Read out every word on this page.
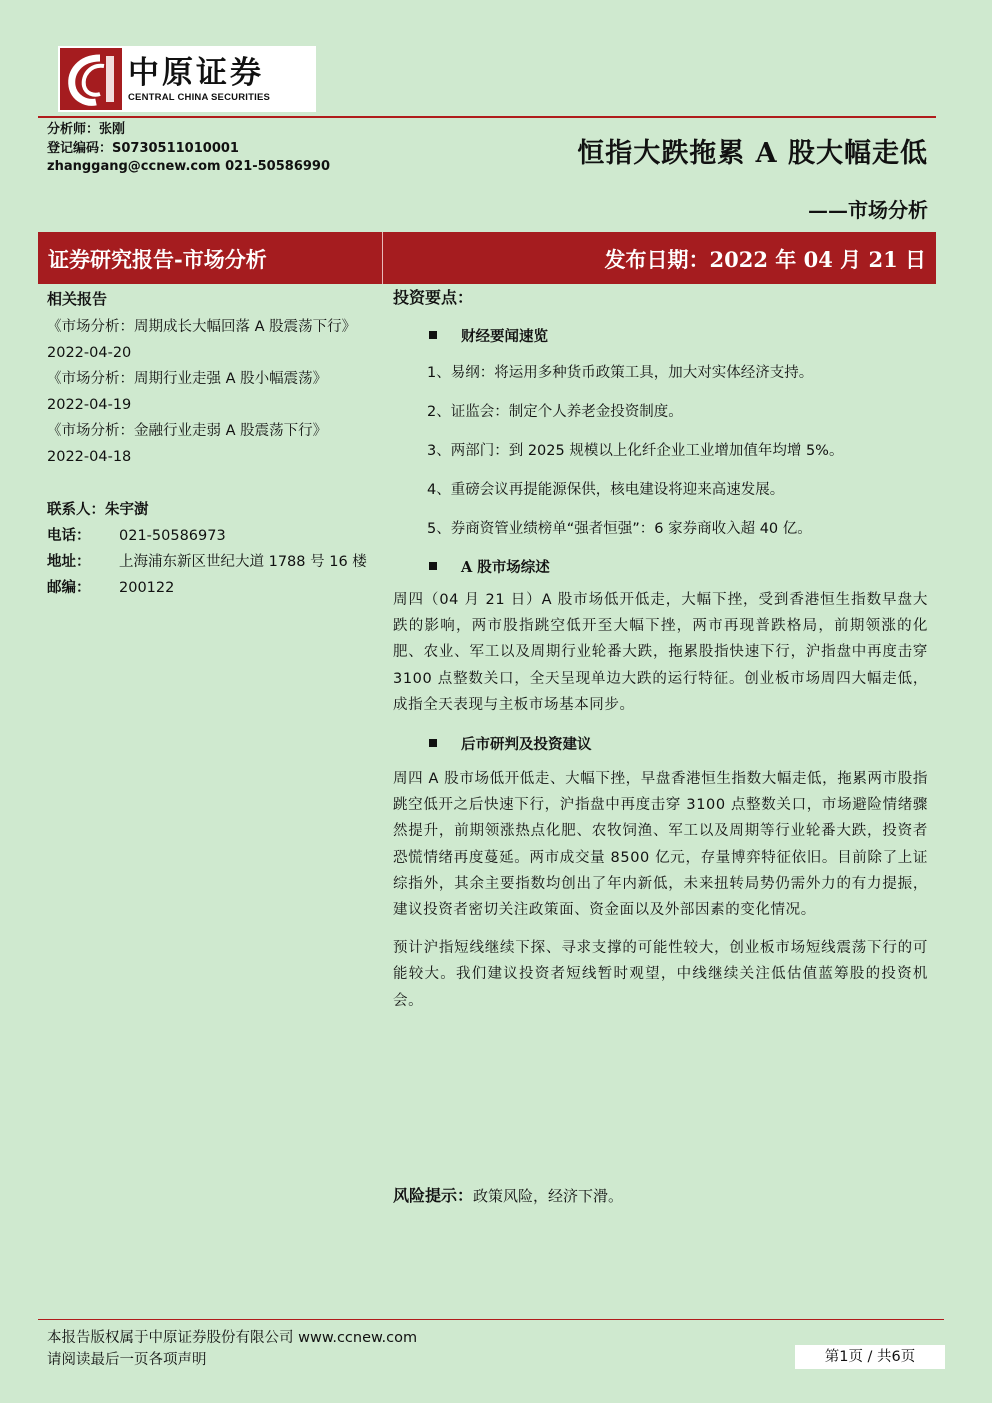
中原证券
CENTRAL CHINA SECURITIES
分析师：张刚
登记编码：S0730511010001
zhanggang@ccnew.com 021-50586990	恒指大跌拖累 A 股大幅走低
——市场分析
证券研究报告-市场分析	发布日期：2022 年 04 月 21 日
相关报告
《市场分析：周期成长大幅回落 A 股震荡下行》 2022-04-20
《市场分析：周期行业走强 A 股小幅震荡》 2022-04-19
《市场分析：金融行业走弱 A 股震荡下行》 2022-04-18
联系人：朱宇澍
电话： 021-50586973
地址： 上海浦东新区世纪大道 1788 号 16 楼
邮编： 200122
投资要点：
财经要闻速览
1、易纲：将运用多种货币政策工具，加大对实体经济支持。
2、证监会：制定个人养老金投资制度。
3、两部门：到 2025 规模以上化纤企业工业增加值年均增 5%。
4、重磅会议再提能源保供，核电建设将迎来高速发展。
5、券商资管业绩榜单“强者恒强”：6 家券商收入超 40 亿。
A 股市场综述

周四（04 月 21 日）A 股市场低开低走，大幅下挫，受到香港恒生指数早盘大跌的影响，两市股指跳空低开至大幅下挫，两市再现普跌格局，前期领涨的化肥、农业、军工以及周期行业轮番大跌，拖累股指快速下行，沪指盘中再度击穿 3100 点整数关口，全天呈现单边大跌的运行特征。创业板市场周四大幅走低，成指全天表现与主板市场基本同步。

后市研判及投资建议

周四 A 股市场低开低走、大幅下挫，早盘香港恒生指数大幅走低，拖累两市股指跳空低开之后快速下行，沪指盘中再度击穿 3100 点整数关口，市场避险情绪骤然提升，前期领涨热点化肥、农牧饲渔、军工以及周期等行业轮番大跌，投资者恐慌情绪再度蔓延。两市成交量 8500 亿元，存量博弈特征依旧。目前除了上证综指外，其余主要指数均创出了年内新低，未来扭转局势仍需外力的有力提振，建议投资者密切关注政策面、资金面以及外部因素的变化情况。

预计沪指短线继续下探、寻求支撑的可能性较大，创业板市场短线震荡下行的可能较大。我们建议投资者短线暂时观望，中线继续关注低估值蓝筹股的投资机会。

风险提示：政策风险，经济下滑。
本报告版权属于中原证券股份有限公司 www.ccnew.com
请阅读最后一页各项声明	第1页 / 共6页
